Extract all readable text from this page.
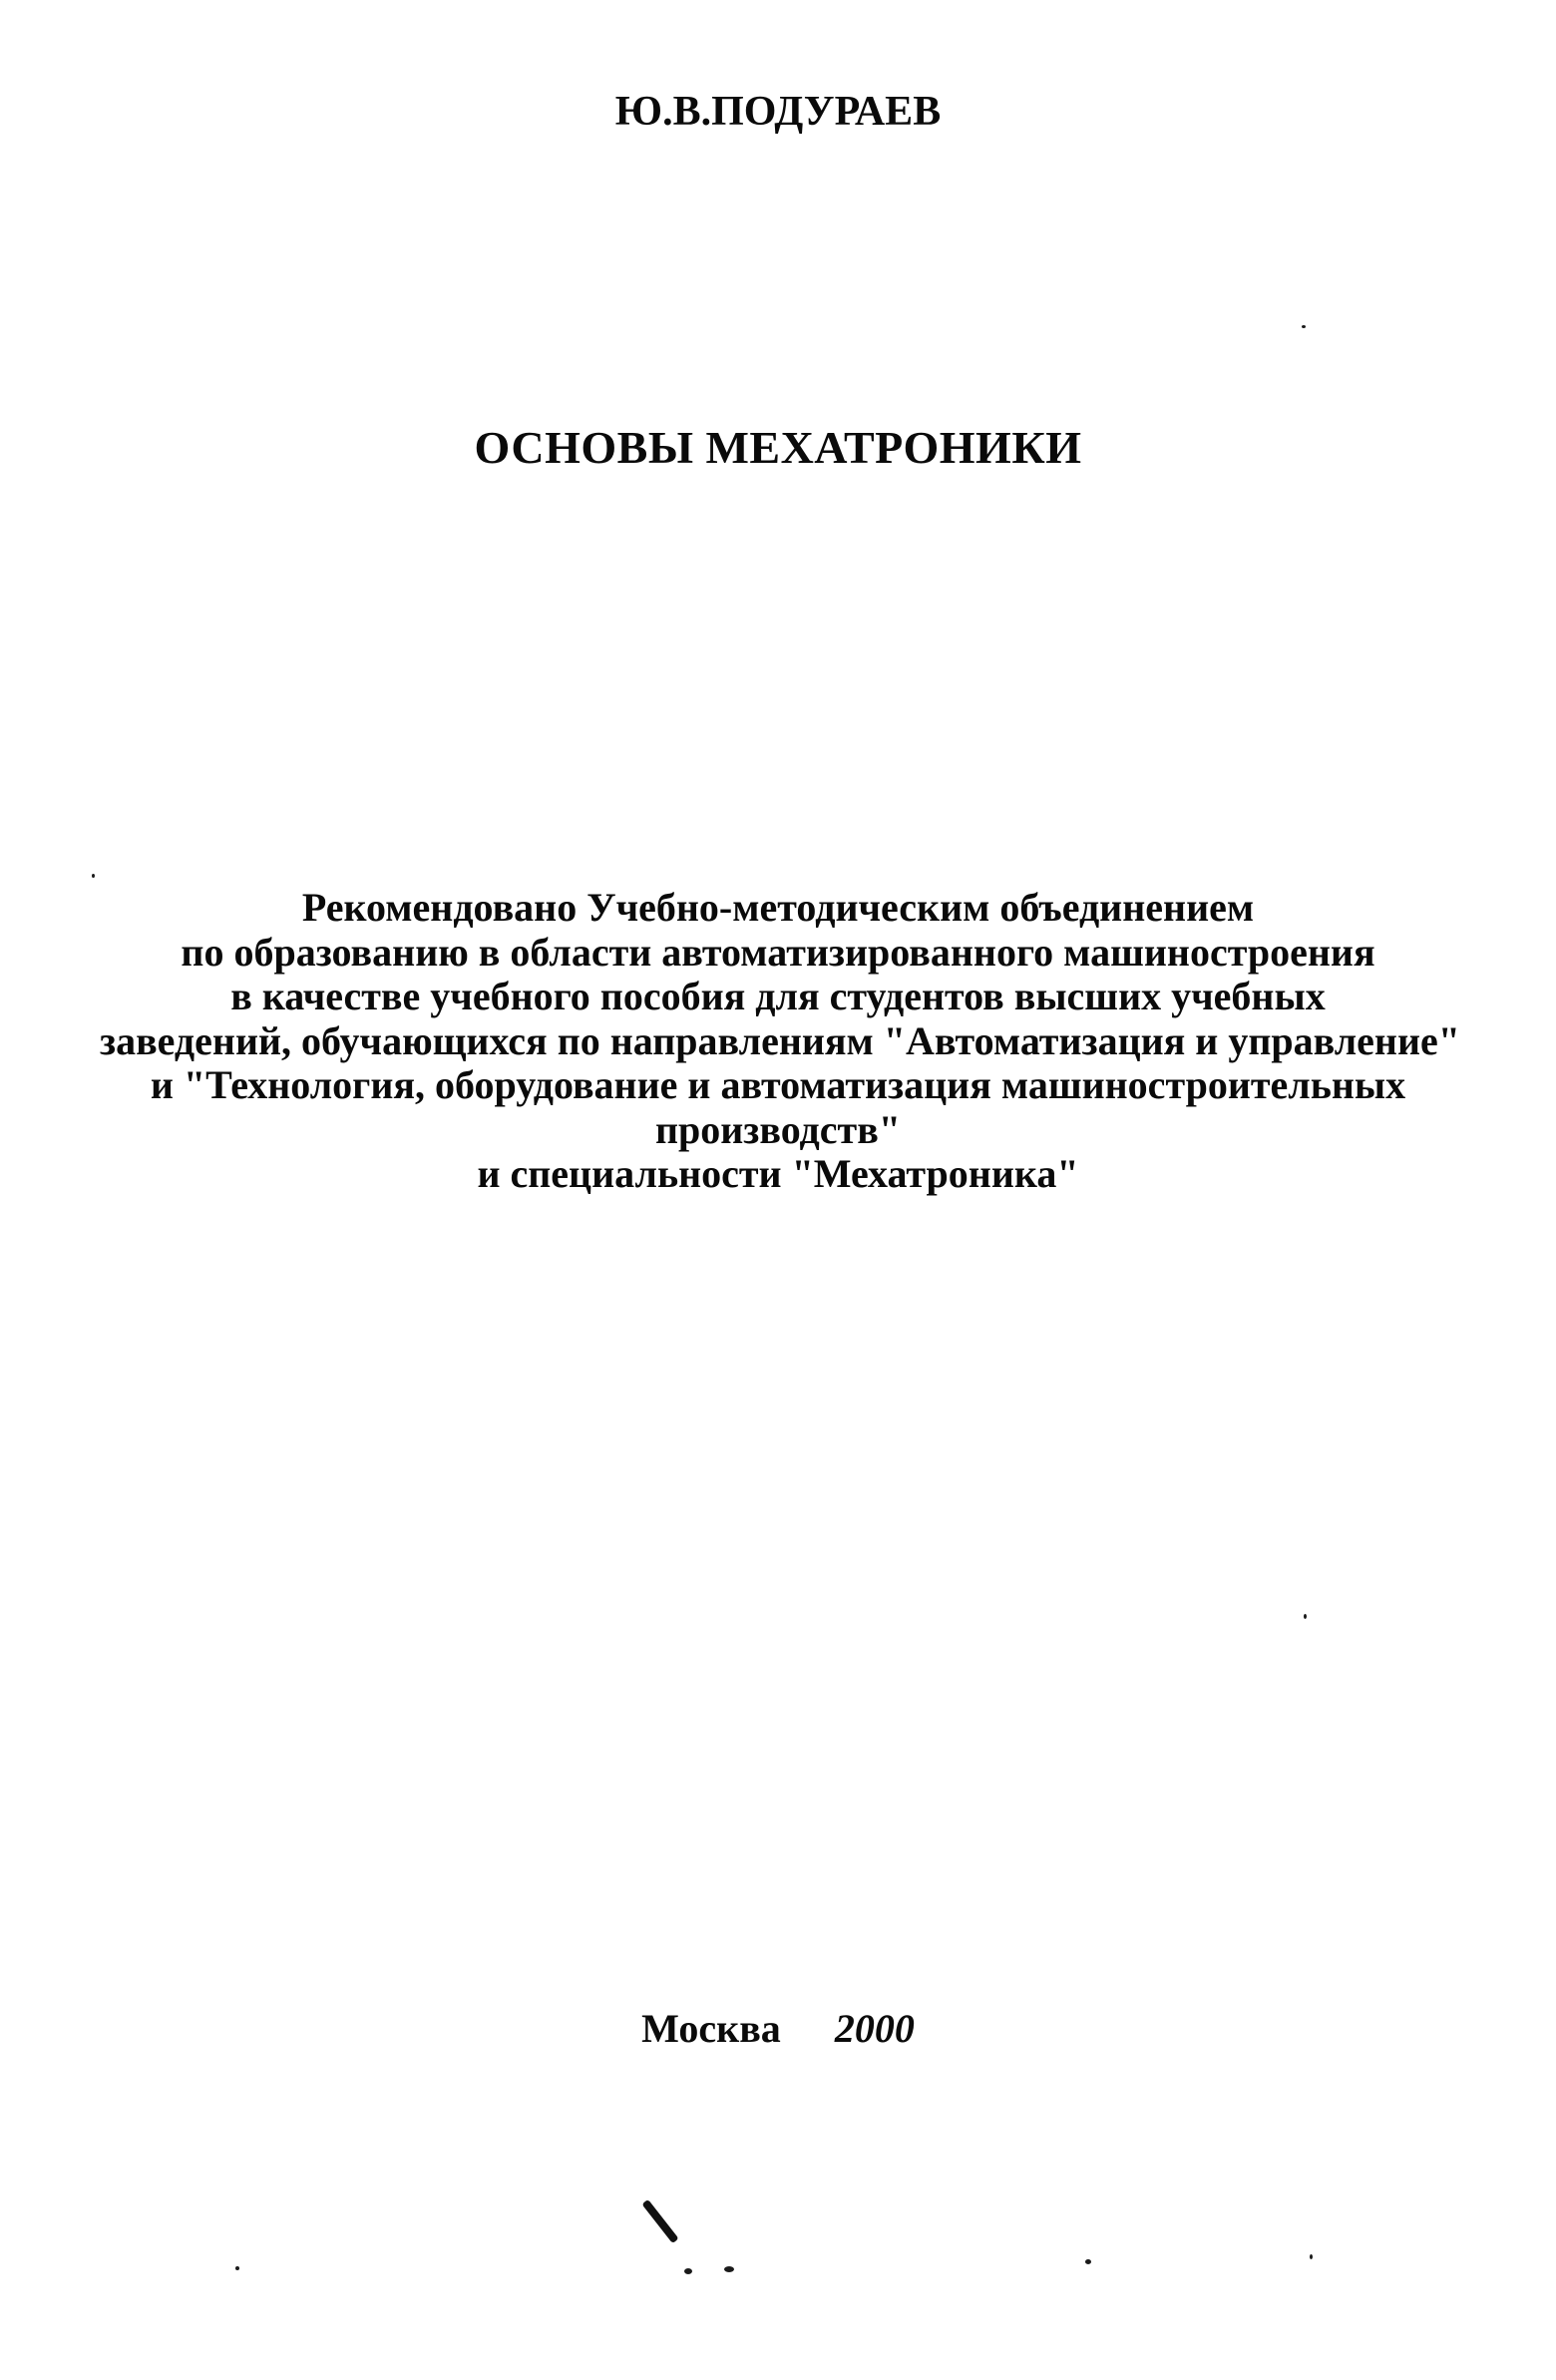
Ю.В.ПОДУРАЕВ
ОСНОВЫ МЕХАТРОНИКИ
Рекомендовано Учебно-методическим объединением
по образованию в области автоматизированного машиностроения
в качестве учебного пособия для студентов высших учебных
заведений, обучающихся по направлениям "Автоматизация и управление"
и "Технология, оборудование и автоматизация машиностроительных
производств"
и специальности "Мехатроника"
Москва 2000
